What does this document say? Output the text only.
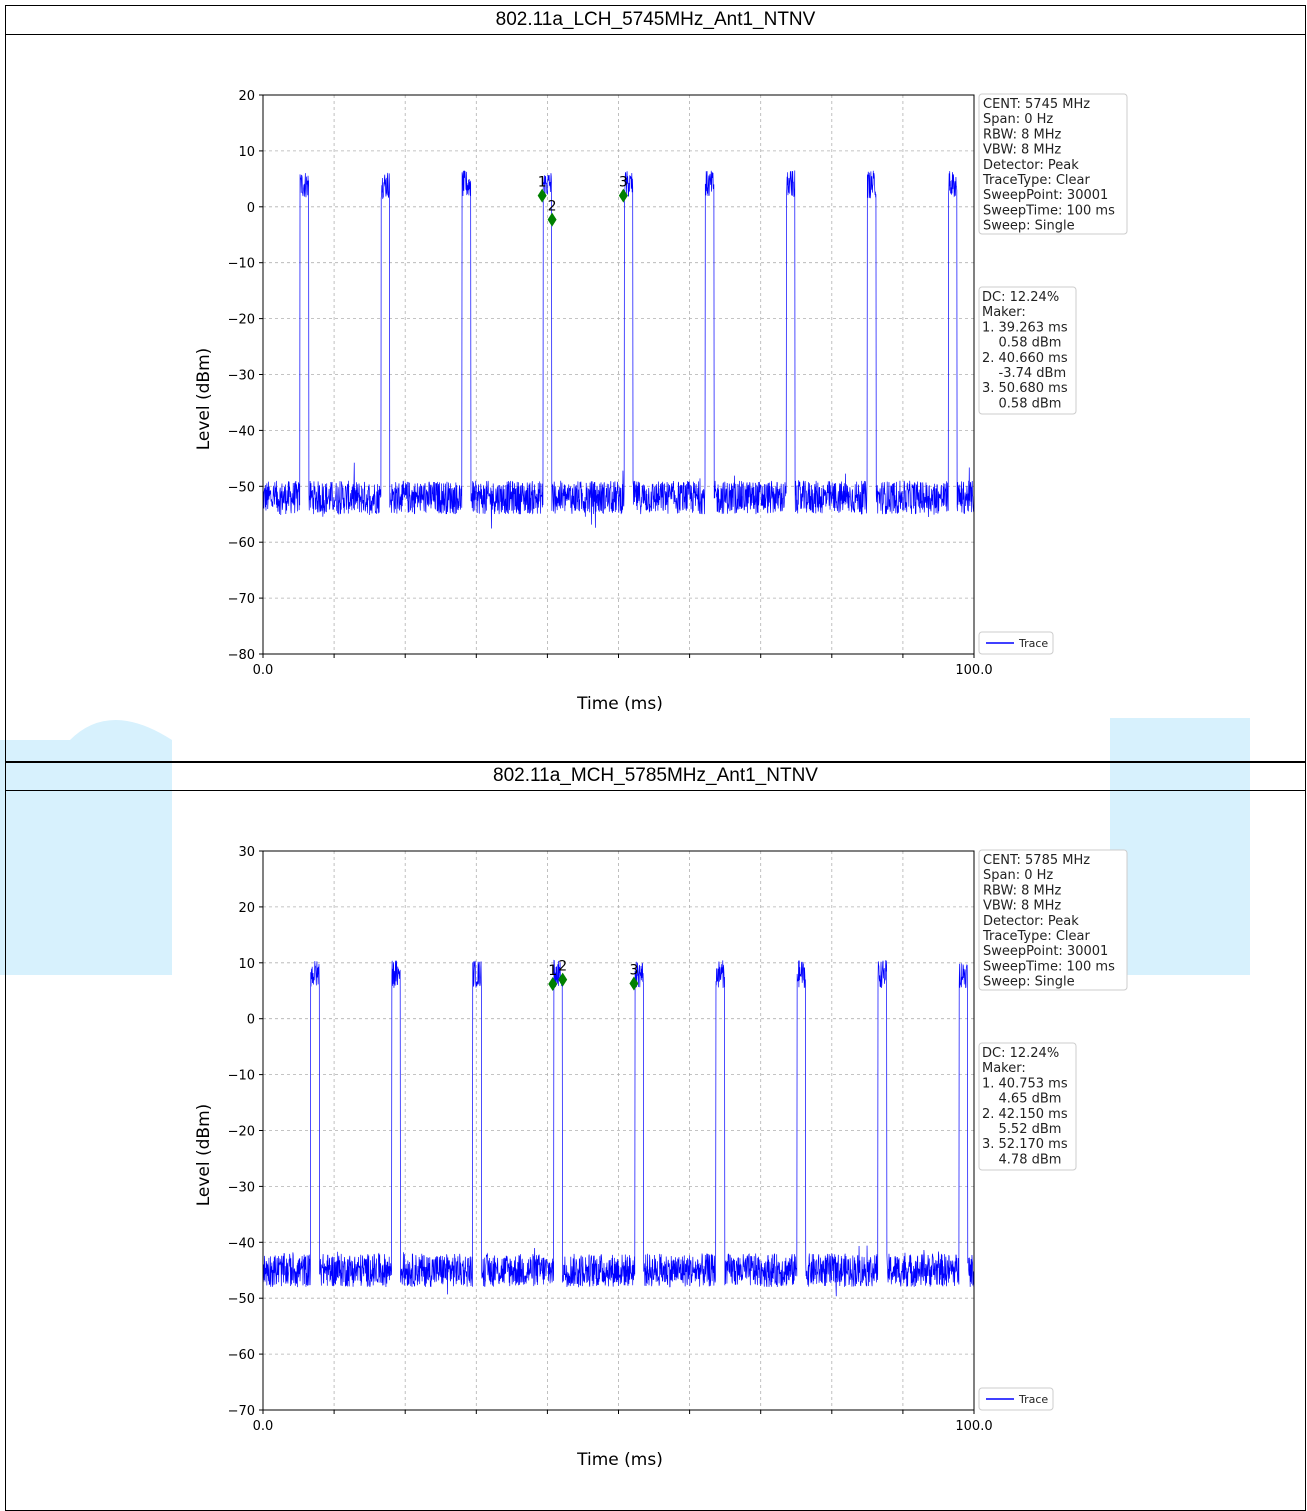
802.11a_LCH_5745MHz_Ant1_NTNV
20
10
0
−10
−20
−30
−40
−50
−60
−70
−80
0.0	100.0
1
2
3
Time (ms)
Level (dBm)
CENT: 5745 MHz
Span: 0 Hz
RBW: 8 MHz
VBW: 8 MHz
Detector: Peak
TraceType: Clear
SweepPoint: 30001
SweepTime: 100 ms
Sweep: Single
DC: 12.24%
Maker:
1. 39.263 ms
0.58 dBm
2. 40.660 ms
-3.74 dBm
3. 50.680 ms
0.58 dBm
Trace
802.11a_MCH_5785MHz_Ant1_NTNV
30
20
10
0
−10
−20
−30
−40
−50
−60
−70
0.0	100.0
1 2	3
Time (ms)
Level (dBm)
CENT: 5785 MHz
Span: 0 Hz
RBW: 8 MHz
VBW: 8 MHz
Detector: Peak
TraceType: Clear
SweepPoint: 30001
SweepTime: 100 ms
Sweep: Single
DC: 12.24%
Maker:
1. 40.753 ms
4.65 dBm
2. 42.150 ms
5.52 dBm
3. 52.170 ms
4.78 dBm
Trace
